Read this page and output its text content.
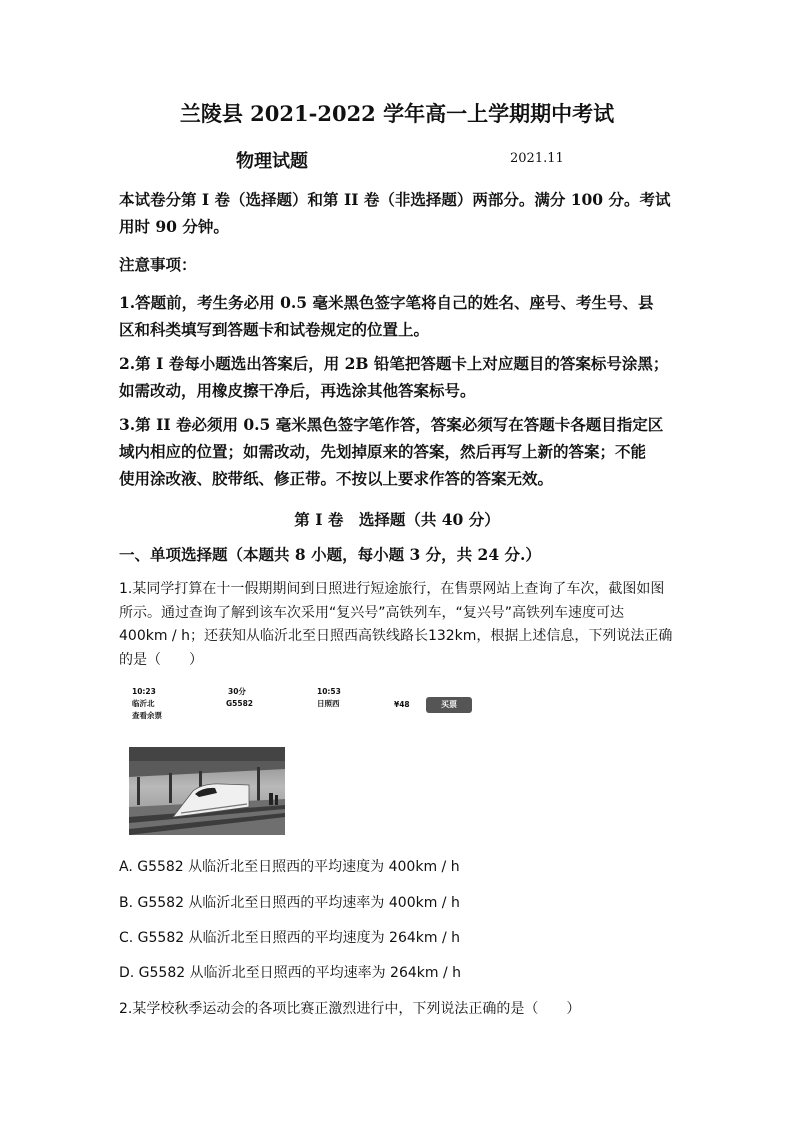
兰陵县 2021-2022 学年高一上学期期中考试
物理试题	2021.11

本试卷分第 I 卷（选择题）和第 II 卷（非选择题）两部分。满分 100 分。考试

用时 90 分钟。

注意事项：

1.答题前，考生务必用 0.5 毫米黑色签字笔将自己的姓名、座号、考生号、县

区和科类填写到答题卡和试卷规定的位置上。

2.第 I 卷每小题选出答案后，用 2B 铅笔把答题卡上对应题目的答案标号涂黑；

如需改动，用橡皮擦干净后，再选涂其他答案标号。

3.第 II 卷必须用 0.5 毫米黑色签字笔作答，答案必须写在答题卡各题目指定区

域内相应的位置；如需改动，先划掉原来的答案，然后再写上新的答案；不能

使用涂改液、胶带纸、修正带。不按以上要求作答的答案无效。

第 I 卷　选择题（共 40 分）
一、单项选择题（本题共 8 小题，每小题 3 分，共 24 分.）
1.某同学打算在十一假期期间到日照进行短途旅行，在售票网站上查询了车次，截图如图
所示。通过查询了解到该车次采用“复兴号”高铁列车，“复兴号”高铁列车速度可达
400km / h；还获知从临沂北至日照西高铁线路长132km，根据上述信息，下列说法正确
的是（　　）
10:23
临沂北
查看余票
30分
G5582
10:53
日照西	¥48	买票
A. G5582 从临沂北至日照西的平均速度为 400km / h
B. G5582 从临沂北至日照西的平均速率为 400km / h
C. G5582 从临沂北至日照西的平均速度为 264km / h
D. G5582 从临沂北至日照西的平均速率为 264km / h
2.某学校秋季运动会的各项比赛正激烈进行中，下列说法正确的是（　　）
